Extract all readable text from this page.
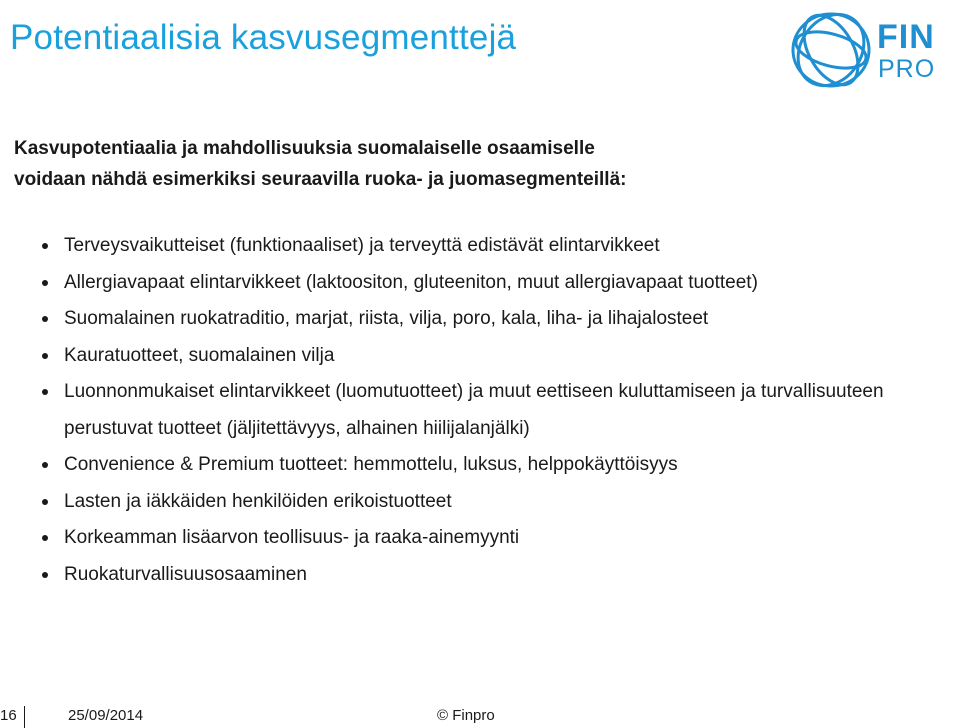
Potentiaalisia kasvusegmenttejä	FIN
PRO

Kasvupotentiaalia ja mahdollisuuksia suomalaiselle osaamiselle
voidaan nähdä esimerkiksi seuraavilla ruoka- ja juomasegmenteillä:

Terveysvaikutteiset (funktionaaliset) ja terveyttä edistävät elintarvikkeet
Allergiavapaat elintarvikkeet (laktoositon, gluteeniton, muut allergiavapaat tuotteet)
Suomalainen ruokatraditio, marjat, riista, vilja, poro, kala, liha- ja lihajalosteet
Kauratuotteet, suomalainen vilja
Luonnonmukaiset elintarvikkeet (luomutuotteet) ja muut eettiseen kuluttamiseen ja turvallisuuteen perustuvat tuotteet (jäljitettävyys, alhainen hiilijalanjälki)
Convenience & Premium tuotteet: hemmottelu, luksus, helppokäyttöisyys
Lasten ja iäkkäiden henkilöiden erikoistuotteet
Korkeamman lisäarvon teollisuus- ja raaka-ainemyynti
Ruokaturvallisuusosaaminen
16	25/09/2014	© Finpro
